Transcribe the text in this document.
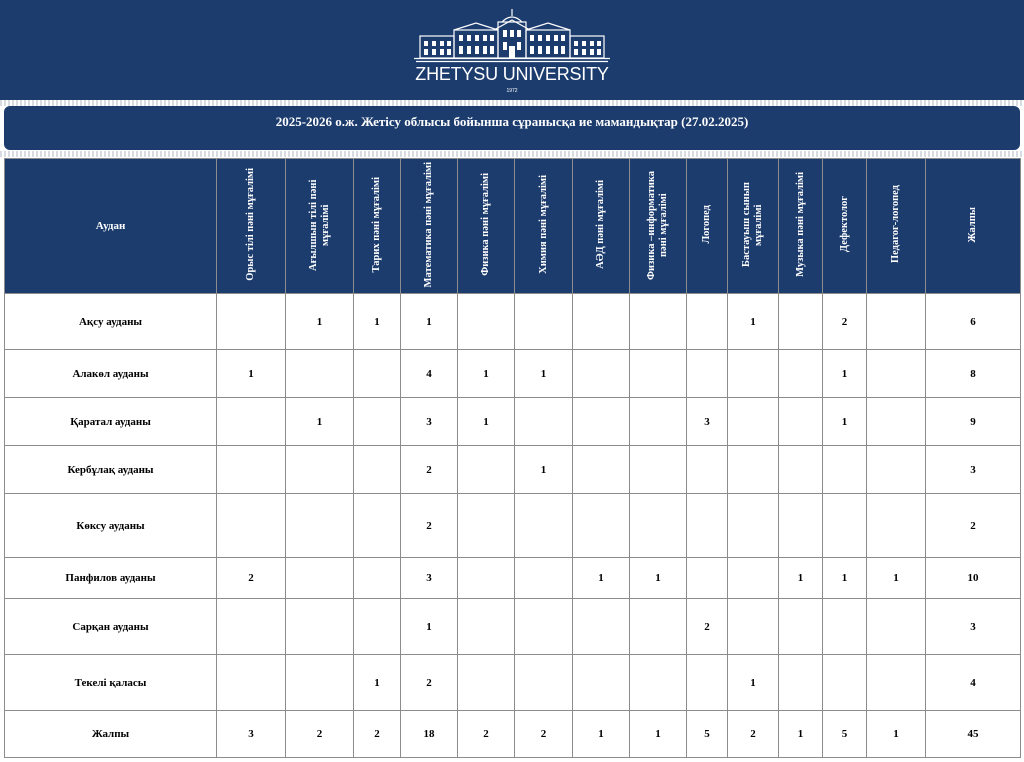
ZHETYSU UNIVERSITY
1972
2025-2026 о.ж. Жетісу облысы бойынша сұранысқа ие мамандықтар (27.02.2025)
Аудан	Орыс тілі пәні мұғалімі	Ағылшын тілі пәні мұғалімі	Тарих пәні мұғалімі	Математика пәні мұғалімі	Физика пәні мұғалімі	Химия пәні мұғалімі	АӘД пәні мұғалімі	Физика –информатика пәні мұғалімі	Логопед	Бастауыш сынып мұғалімі	Музыка пәні мұғалімі	Дефектолог	Педагог-логопед	Жалпы
Ақсу ауданы		1	1	1						1		2		6
Алакөл ауданы	1			4	1	1						1		8
Қаратал ауданы		1		3	1				3			1		9
Кербұлақ ауданы				2		1								3
Көксу ауданы				2										2
Панфилов ауданы	2			3			1	1			1	1	1	10
Сарқан ауданы				1					2					3
Текелі қаласы			1	2						1				4
Жалпы	3	2	2	18	2	2	1	1	5	2	1	5	1	45
